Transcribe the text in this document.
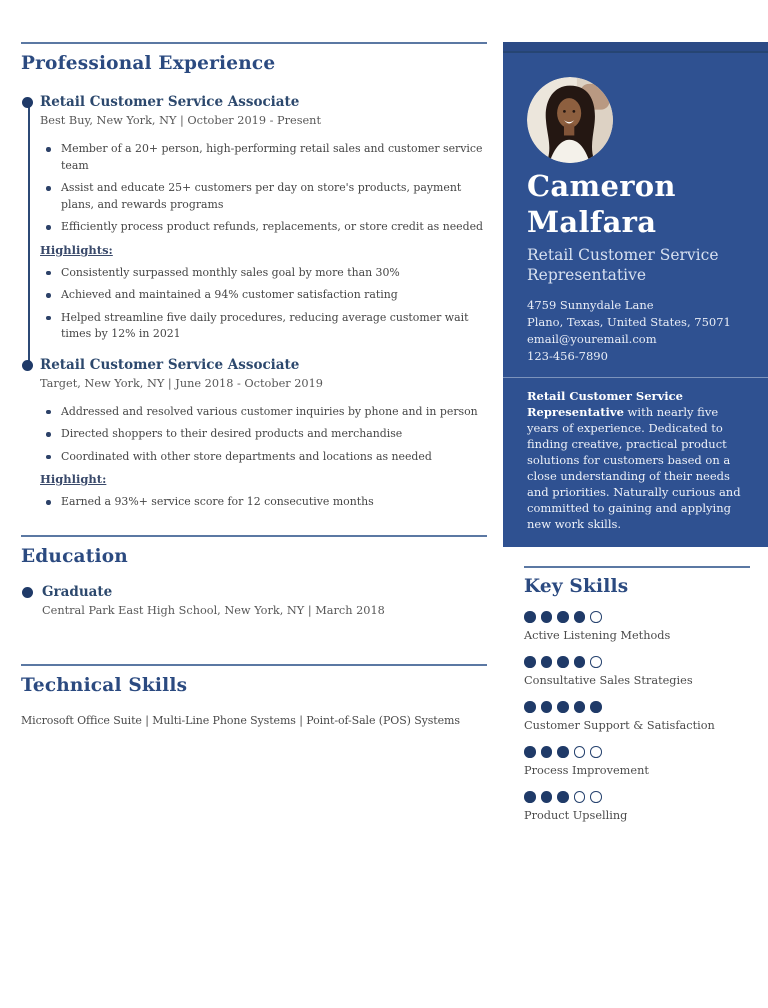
Professional Experience
Retail Customer Service Associate
Best Buy, New York, NY | October 2019 - Present
Member of a 20+ person, high-performing retail sales and customer service team
Assist and educate 25+ customers per day on store's products, payment plans, and rewards programs
Efficiently process product refunds, replacements, or store credit as needed
Highlights:
Consistently surpassed monthly sales goal by more than 30%
Achieved and maintained a 94% customer satisfaction rating
Helped streamline five daily procedures, reducing average customer wait times by 12% in 2021
Retail Customer Service Associate
Target, New York, NY | June 2018 - October 2019
Addressed and resolved various customer inquiries by phone and in person
Directed shoppers to their desired products and merchandise
Coordinated with other store departments and locations as needed
Highlight:
Earned a 93%+ service score for 12 consecutive months
Education
Graduate
Central Park East High School, New York, NY | March 2018
Technical Skills

Microsoft Office Suite | Multi-Line Phone Systems | Point-of-Sale (POS) Systems

Cameron
Malfara
Retail Customer Service Representative
4759 Sunnydale Lane
Plano, Texas, United States, 75071
email@youremail.com
123-456-7890

Retail Customer Service Representative with nearly five years of experience. Dedicated to finding creative, practical product solutions for customers based on a close understanding of their needs and priorities. Naturally curious and committed to gaining and applying new work skills.

Key Skills
Active Listening Methods
Consultative Sales Strategies
Customer Support & Satisfaction
Process Improvement
Product Upselling
